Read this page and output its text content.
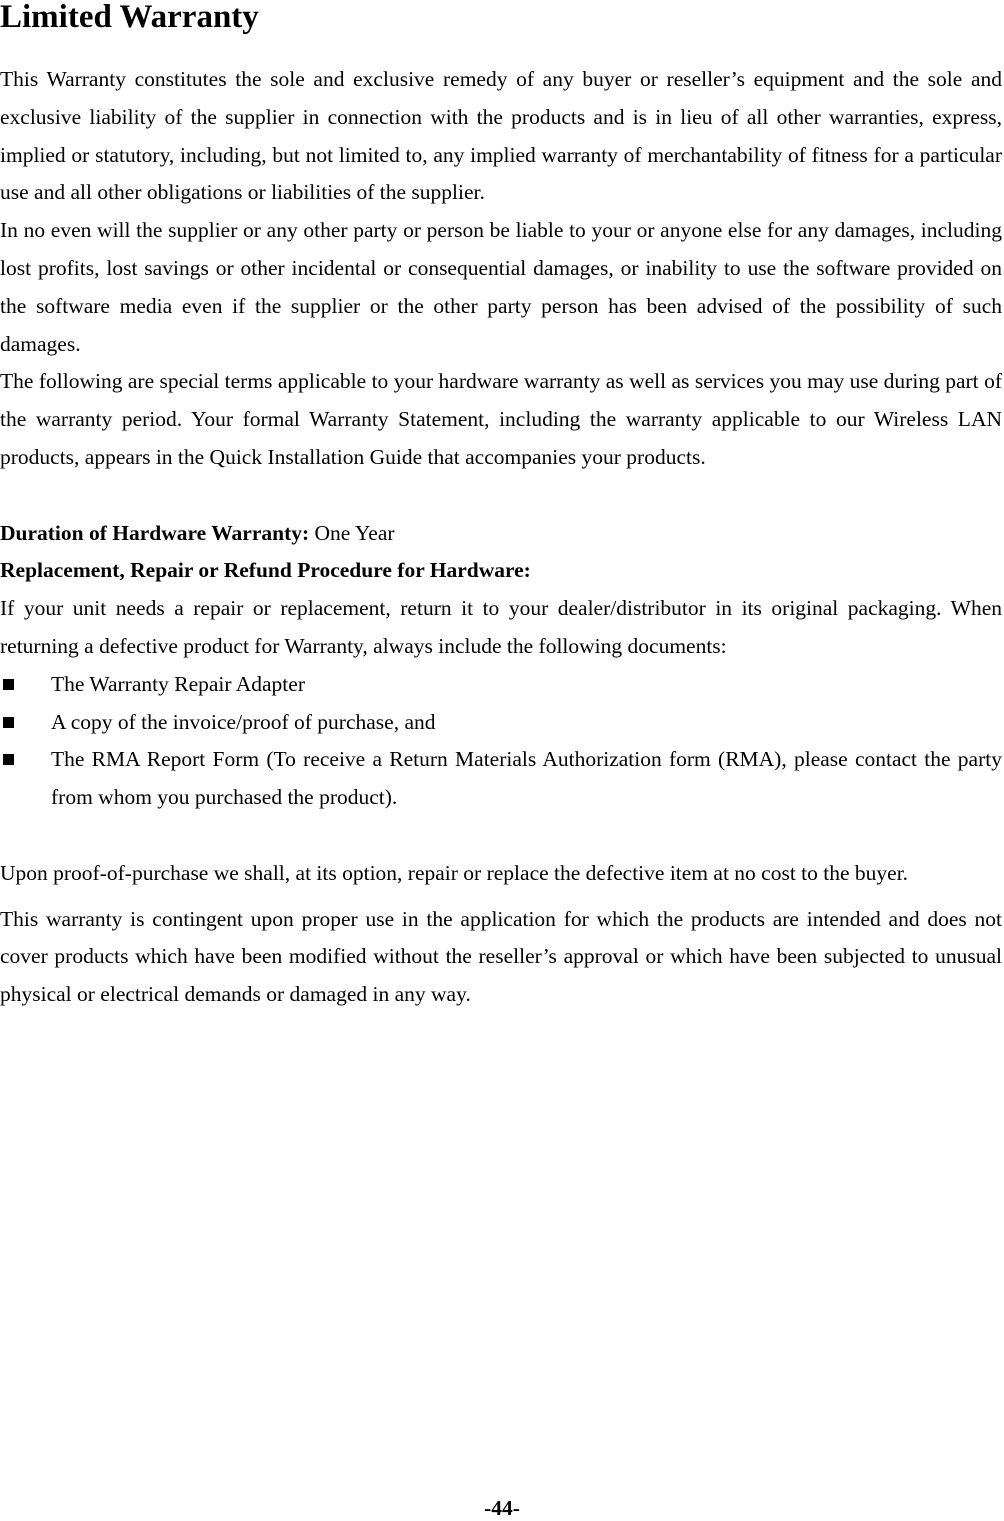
Limited Warranty

This Warranty constitutes the sole and exclusive remedy of any buyer or reseller’s equipment and the sole and exclusive liability of the supplier in connection with the products and is in lieu of all other warranties, express, implied or statutory, including, but not limited to, any implied warranty of merchantability of fitness for a particular use and all other obligations or liabilities of the supplier.

In no even will the supplier or any other party or person be liable to your or anyone else for any damages, including lost profits, lost savings or other incidental or consequential damages, or inability to use the software provided on the software media even if the supplier or the other party person has been advised of the possibility of such damages.

The following are special terms applicable to your hardware warranty as well as services you may use during part of the warranty period. Your formal Warranty Statement, including the warranty applicable to our Wireless LAN products, appears in the Quick Installation Guide that accompanies your products.

Duration of Hardware Warranty: One Year

Replacement, Repair or Refund Procedure for Hardware:

If your unit needs a repair or replacement, return it to your dealer/distributor in its original packaging. When returning a defective product for Warranty, always include the following documents:

The Warranty Repair Adapter
A copy of the invoice/proof of purchase, and
The RMA Report Form (To receive a Return Materials Authorization form (RMA), please contact the party from whom you purchased the product).

Upon proof-of-purchase we shall, at its option, repair or replace the defective item at no cost to the buyer.

This warranty is contingent upon proper use in the application for which the products are intended and does not cover products which have been modified without the reseller’s approval or which have been subjected to unusual physical or electrical demands or damaged in any way.

-44-
